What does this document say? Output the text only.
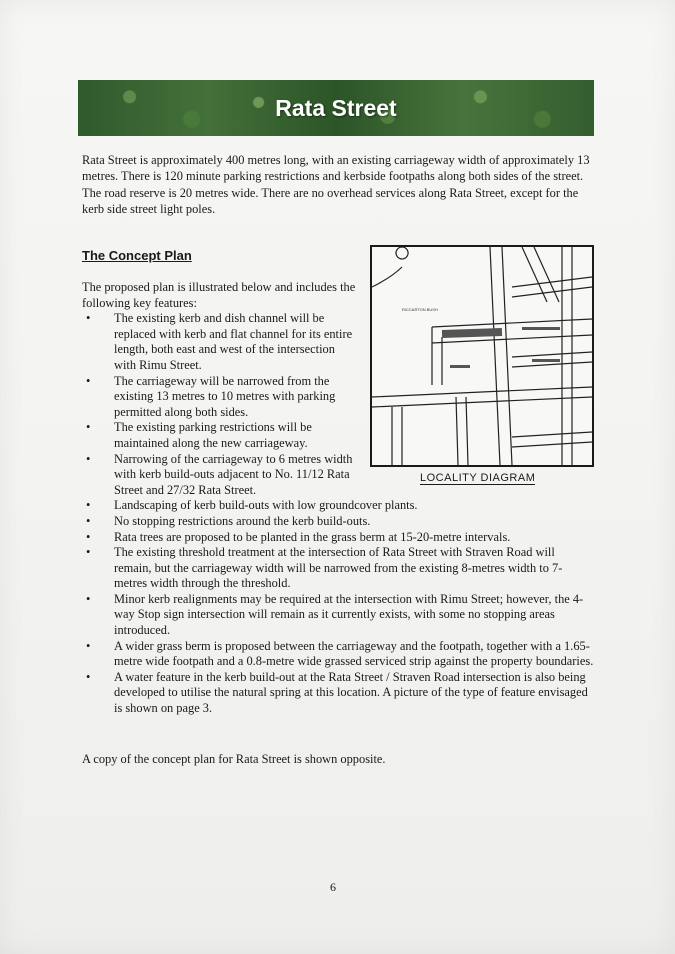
Rata Street

Rata Street is approximately 400 metres long, with an existing carriageway width of approximately 13 metres. There is 120 minute parking restrictions and kerbside footpaths along both sides of the street. The road reserve is 20 metres wide. There are no overhead services along Rata Street, except for the kerb side street light poles.

The Concept Plan
RICCARTON BUSH

LOCALITY DIAGRAM

The proposed plan is illustrated below and includes the following key features:

• The existing kerb and dish channel will be replaced with kerb and flat channel for its entire length, both east and west of the intersection with Rimu Street.
• The carriageway will be narrowed from the existing 13 metres to 10 metres with parking permitted along both sides.
• The existing parking restrictions will be maintained along the new carriageway.
• Narrowing of the carriageway to 6 metres width with kerb build-outs adjacent to No. 11/12 Rata Street and 27/32 Rata Street.
• Landscaping of kerb build-outs with low groundcover plants.
• No stopping restrictions around the kerb build-outs.
• Rata trees are proposed to be planted in the grass berm at 15-20-metre intervals.
• The existing threshold treatment at the intersection of Rata Street with Straven Road will remain, but the carriageway width will be narrowed from the existing 8-metres width to 7-metres width through the threshold.
• Minor kerb realignments may be required at the intersection with Rimu Street; however, the 4-way Stop sign intersection will remain as it currently exists, with some no stopping areas introduced.
• A wider grass berm is proposed between the carriageway and the footpath, together with a 1.65-metre wide footpath and a 0.8-metre wide grassed serviced strip against the property boundaries.
• A water feature in the kerb build-out at the Rata Street / Straven Road intersection is also being developed to utilise the natural spring at this location. A picture of the type of feature envisaged is shown on page 3.

A copy of the concept plan for Rata Street is shown opposite.

6
